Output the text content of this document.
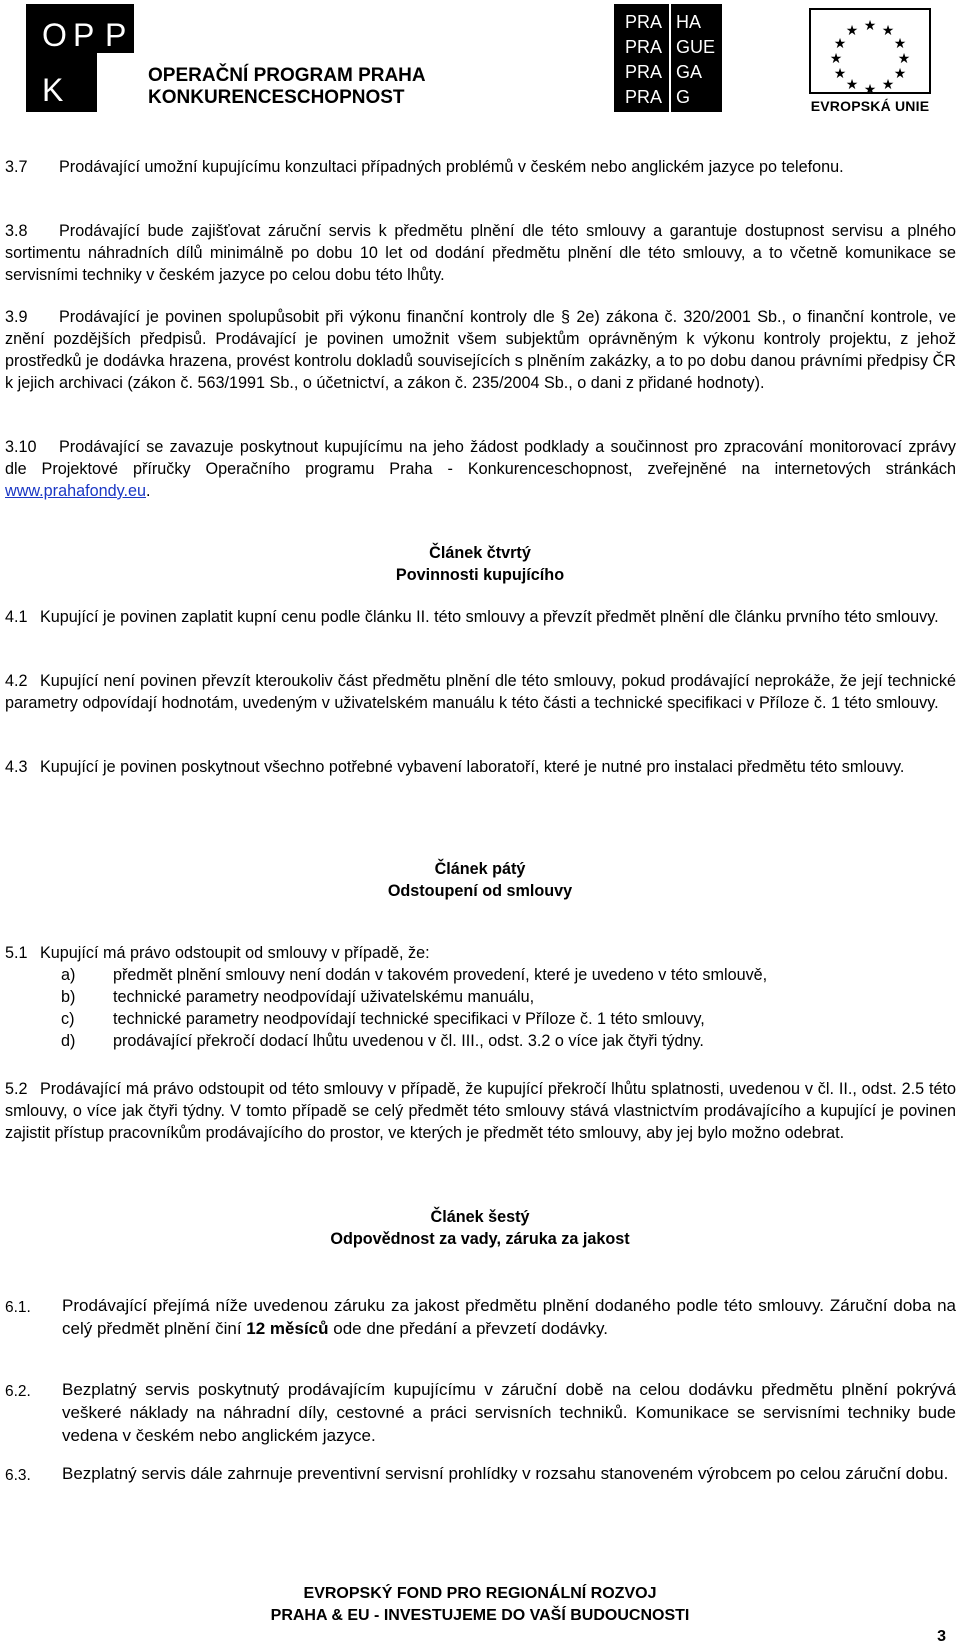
O P P
K	OPERAČNÍ PROGRAM PRAHA
KONKURENCESCHOPNOST
PRA
PRA
PRA
PRA
HA
GUE
GA
G
★ ★
★
★
★
★
★
★
★
★
★
★
EVROPSKÁ UNIE
3.7	Prodávající umožní kupujícímu konzultaci případných problémů v českém nebo anglickém jazyce po telefonu.
3.8	Prodávající bude zajišťovat záruční servis k předmětu plnění dle této smlouvy a garantuje dostupnost servisu a plného sortimentu náhradních dílů minimálně po dobu 10 let od dodání předmětu plnění dle této smlouvy, a to včetně komunikace se servisními techniky v českém jazyce po celou dobu této lhůty.
3.9	Prodávající je povinen spolupůsobit při výkonu finanční kontroly dle § 2e) zákona č. 320/2001 Sb., o finanční kontrole, ve znění pozdějších předpisů. Prodávající je povinen umožnit všem subjektům oprávněným k výkonu kontroly projektu, z jehož prostředků je dodávka hrazena, provést kontrolu dokladů souvisejících s plněním zakázky, a to po dobu danou právními předpisy ČR k jejich archivaci (zákon č. 563/1991 Sb., o účetnictví, a zákon č. 235/2004 Sb., o dani z přidané hodnoty).
3.10	Prodávající se zavazuje poskytnout kupujícímu na jeho žádost podklady a součinnost pro zpracování monitorovací zprávy dle Projektové příručky Operačního programu Praha - Konkurenceschopnost, zveřejněné na internetových stránkách www.prahafondy.eu.
Článek čtvrtý
Povinnosti kupujícího
4.1 Kupující je povinen zaplatit kupní cenu podle článku II. této smlouvy a převzít předmět plnění dle článku prvního této smlouvy.
4.2 Kupující není povinen převzít kteroukoliv část předmětu plnění dle této smlouvy, pokud prodávající neprokáže, že její technické parametry odpovídají hodnotám, uvedeným v uživatelském manuálu k této části a technické specifikaci v Příloze č. 1 této smlouvy.
4.3 Kupující je povinen poskytnout všechno potřebné vybavení laboratoří, které je nutné pro instalaci předmětu této smlouvy.
Článek pátý
Odstoupení od smlouvy
5.1 Kupující má právo odstoupit od smlouvy v případě, že:
a) předmět plnění smlouvy není dodán v takovém provedení, které je uvedeno v této smlouvě,
b) technické parametry neodpovídají uživatelskému manuálu,
c) technické parametry neodpovídají technické specifikaci v Příloze č. 1 této smlouvy,
d) prodávající překročí dodací lhůtu uvedenou v čl. III., odst. 3.2 o více jak čtyři týdny.
5.2 Prodávající má právo odstoupit od této smlouvy v případě, že kupující překročí lhůtu splatnosti, uvedenou v čl. II., odst. 2.5 této smlouvy, o více jak čtyři týdny. V tomto případě se celý předmět této smlouvy stává vlastnictvím prodávajícího a kupující je povinen zajistit přístup pracovníkům prodávajícího do prostor, ve kterých je předmět této smlouvy, aby jej bylo možno odebrat.
Článek šestý
Odpovědnost za vady, záruka za jakost
6.1. Prodávající přejímá níže uvedenou záruku za jakost předmětu plnění dodaného podle této smlouvy. Záruční doba na celý předmět plnění činí 12 měsíců ode dne předání a převzetí dodávky.
6.2. Bezplatný servis poskytnutý prodávajícím kupujícímu v záruční době na celou dodávku předmětu plnění pokrývá veškeré náklady na náhradní díly, cestovné a práci servisních techniků. Komunikace se servisními techniky bude vedena v českém nebo anglickém jazyce.
6.3. Bezplatný servis dále zahrnuje preventivní servisní prohlídky v rozsahu stanoveném výrobcem po celou záruční dobu.
EVROPSKÝ FOND PRO REGIONÁLNÍ ROZVOJ
PRAHA & EU - INVESTUJEME DO VAŠÍ BUDOUCNOSTI
3
